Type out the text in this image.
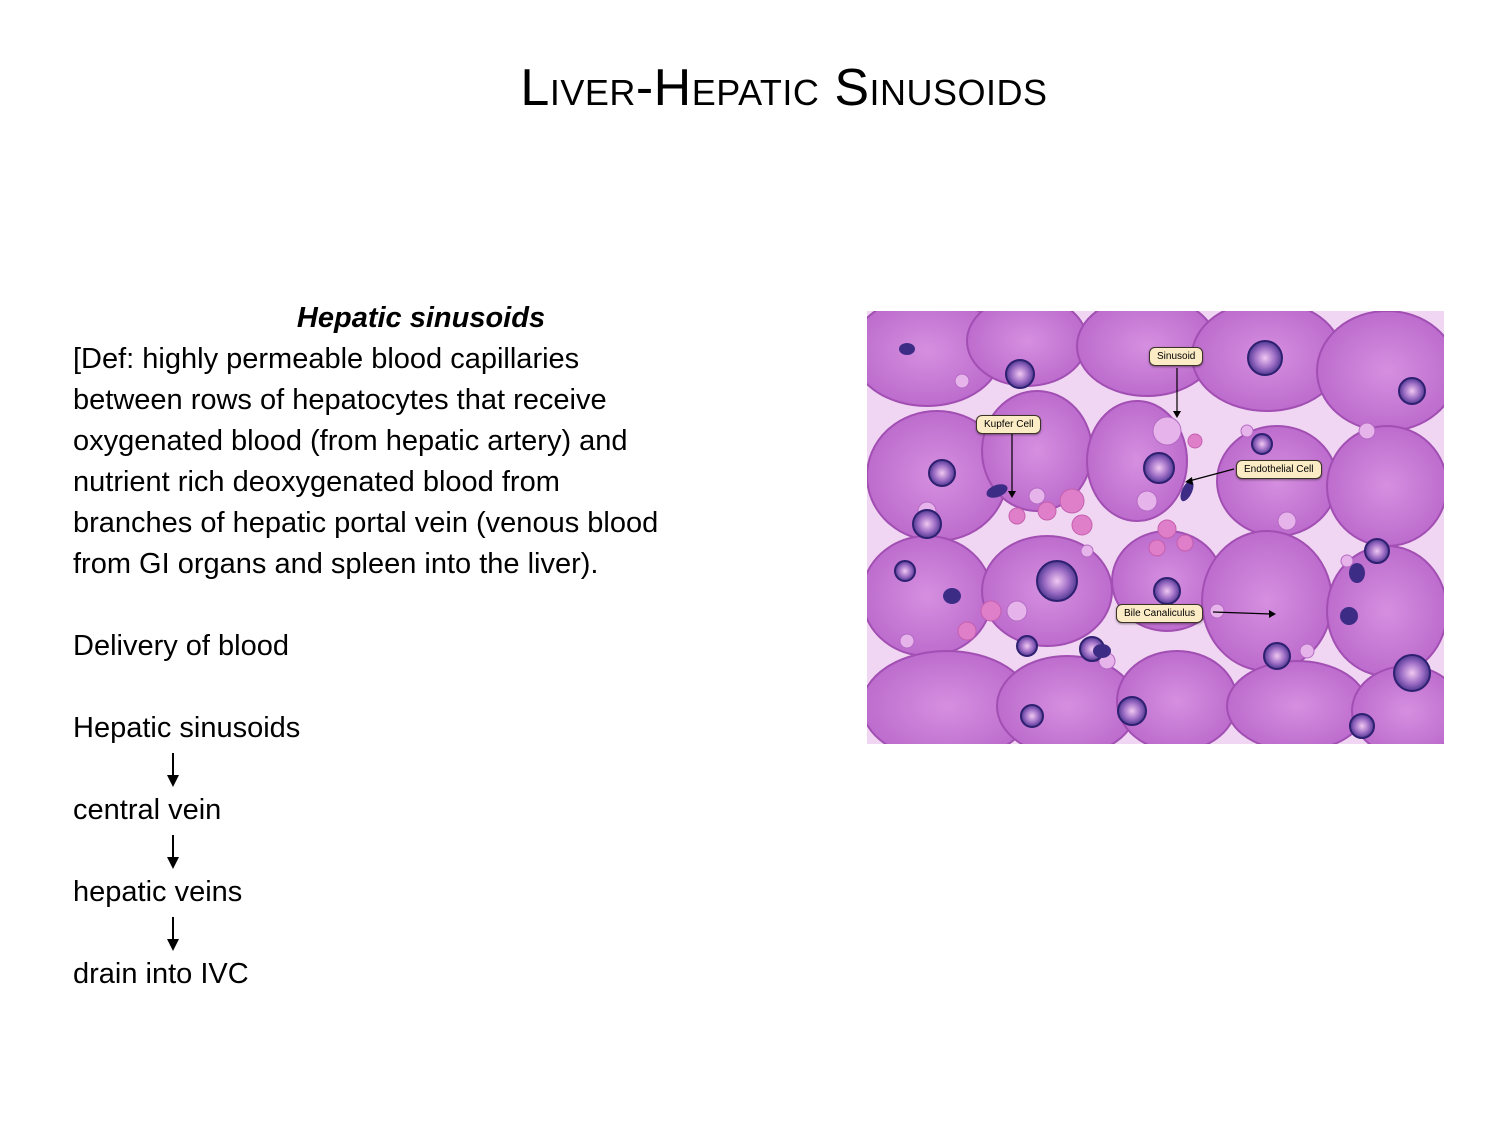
Liver-Hepatic Sinusoids
Hepatic sinusoids
[Def: highly permeable blood capillaries
between rows of hepatocytes that receive
oxygenated blood (from hepatic artery) and
nutrient rich deoxygenated blood from
branches of hepatic portal vein (venous blood
from GI organs and spleen into the liver).
Delivery of blood
Hepatic sinusoids
central vein
hepatic veins
drain into IVC
Sinusoid
Kupfer Cell
Endothelial Cell
Bile Canaliculus
